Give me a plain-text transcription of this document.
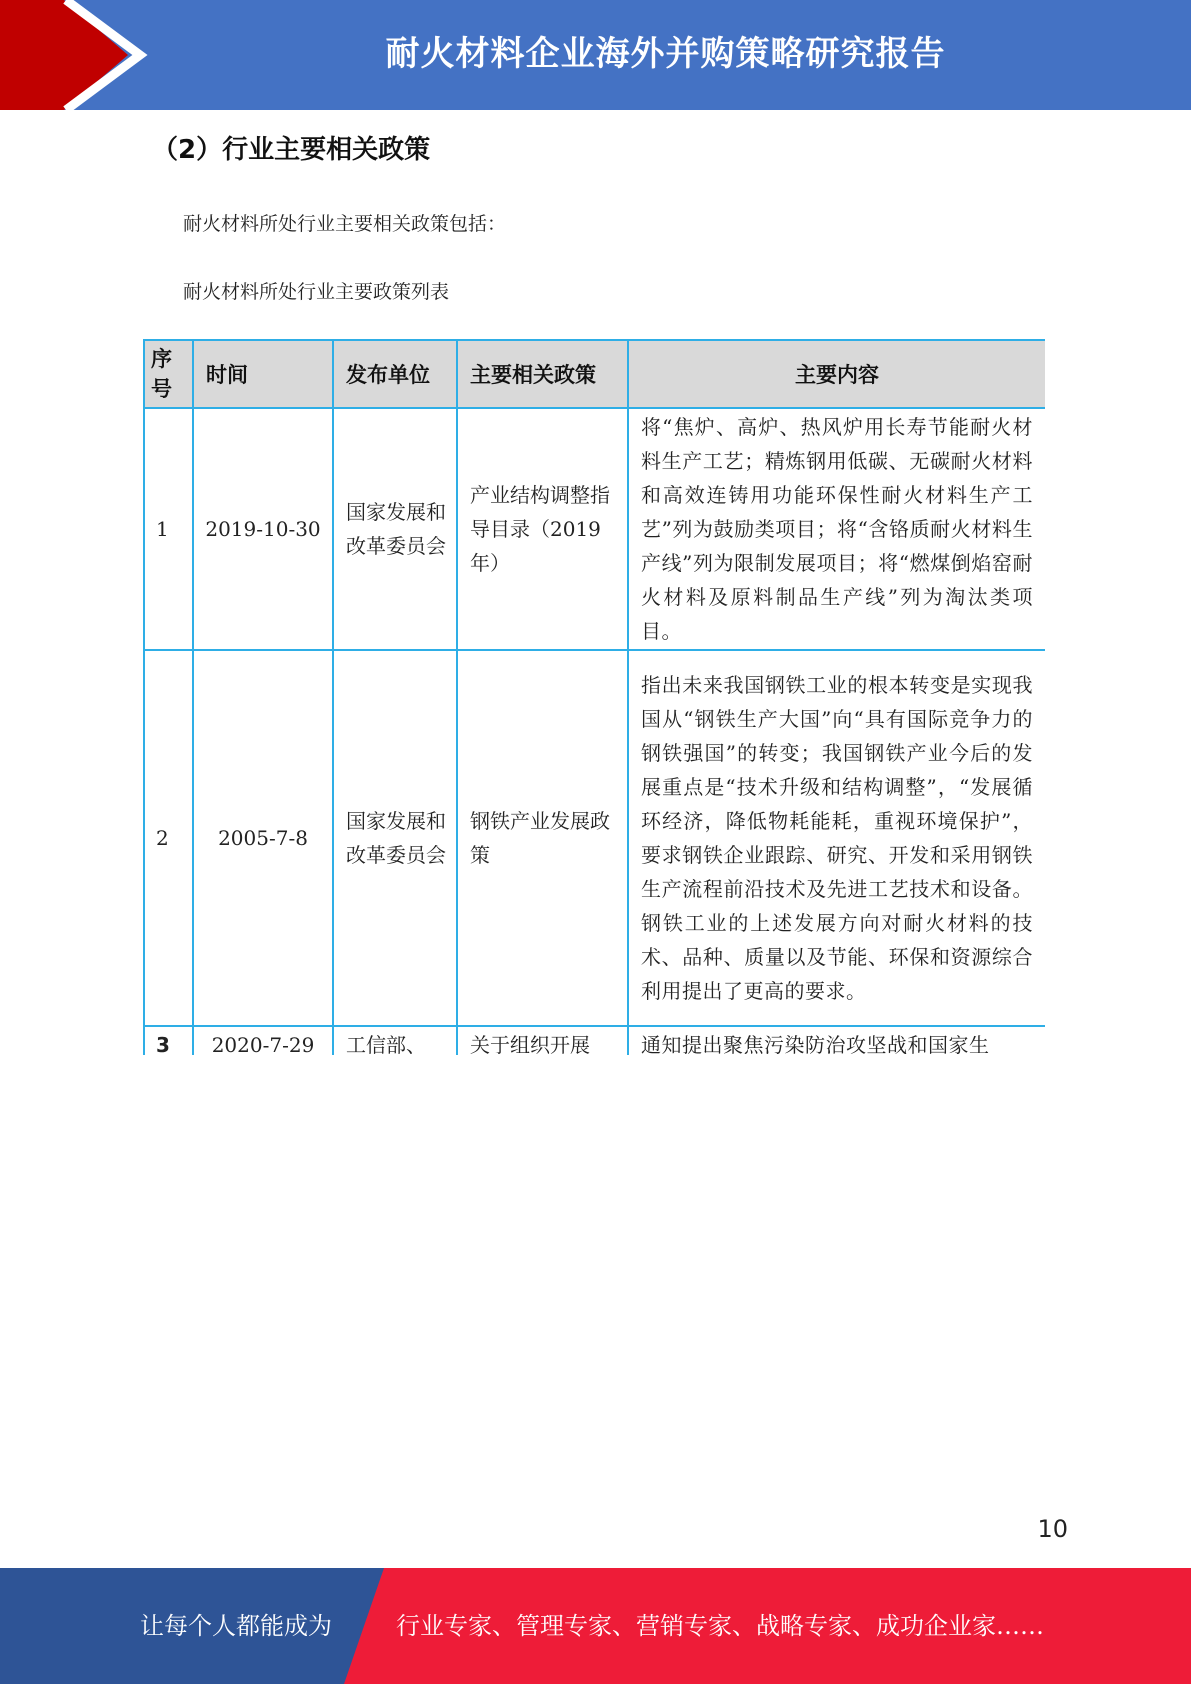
耐火材料企业海外并购策略研究报告
（2）行业主要相关政策
耐火材料所处行业主要相关政策包括：
耐火材料所处行业主要政策列表
序号	时间	发布单位	主要相关政策	主要内容
1	2019-10-30	国家发展和改革委员会	产业结构调整指导目录（2019年）	将“焦炉、高炉、热风炉用长寿节能耐火材料生产工艺；精炼钢用低碳、无碳耐火材料和高效连铸用功能环保性耐火材料生产工艺”列为鼓励类项目；将“含铬质耐火材料生产线”列为限制发展项目；将“燃煤倒焰窑耐火材料及原料制品生产线”列为淘汰类项目。
2	2005-7-8	国家发展和改革委员会	钢铁产业发展政策	指出未来我国钢铁工业的根本转变是实现我国从“钢铁生产大国”向“具有国际竞争力的钢铁强国”的转变；我国钢铁产业今后的发展重点是“技术升级和结构调整”，“发展循环经济，降低物耗能耗，重视环境保护”，要求钢铁企业跟踪、研究、开发和采用钢铁生产流程前沿技术及先进工艺技术和设备。钢铁工业的上述发展方向对耐火材料的技术、品种、质量以及节能、环保和资源综合利用提出了更高的要求。
3	2020-7-29	工信部、	关于组织开展	通知提出聚焦污染防治攻坚战和国家生
10
让每个人都能成为	行业专家、管理专家、营销专家、战略专家、成功企业家……
